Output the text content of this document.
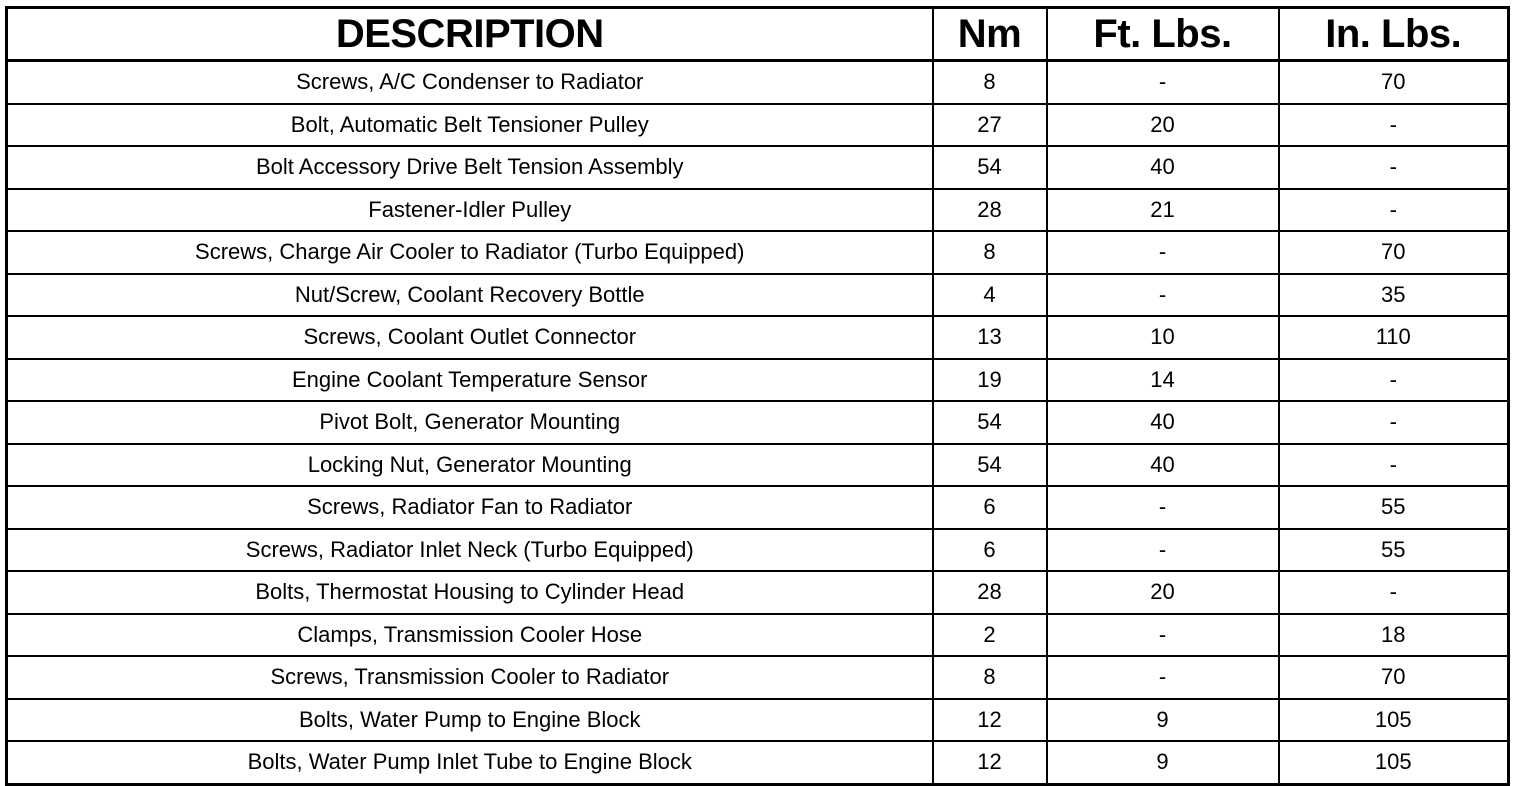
DESCRIPTION	Nm	Ft. Lbs.	In. Lbs.
Screws, A/C Condenser to Radiator	8	-	70
Bolt, Automatic Belt Tensioner Pulley	27	20	-
Bolt Accessory Drive Belt Tension Assembly	54	40	-
Fastener-Idler Pulley	28	21	-
Screws, Charge Air Cooler to Radiator (Turbo Equipped)	8	-	70
Nut/Screw, Coolant Recovery Bottle	4	-	35
Screws, Coolant Outlet Connector	13	10	110
Engine Coolant Temperature Sensor	19	14	-
Pivot Bolt, Generator Mounting	54	40	-
Locking Nut, Generator Mounting	54	40	-
Screws, Radiator Fan to Radiator	6	-	55
Screws, Radiator Inlet Neck (Turbo Equipped)	6	-	55
Bolts, Thermostat Housing to Cylinder Head	28	20	-
Clamps, Transmission Cooler Hose	2	-	18
Screws, Transmission Cooler to Radiator	8	-	70
Bolts, Water Pump to Engine Block	12	9	105
Bolts, Water Pump Inlet Tube to Engine Block	12	9	105
